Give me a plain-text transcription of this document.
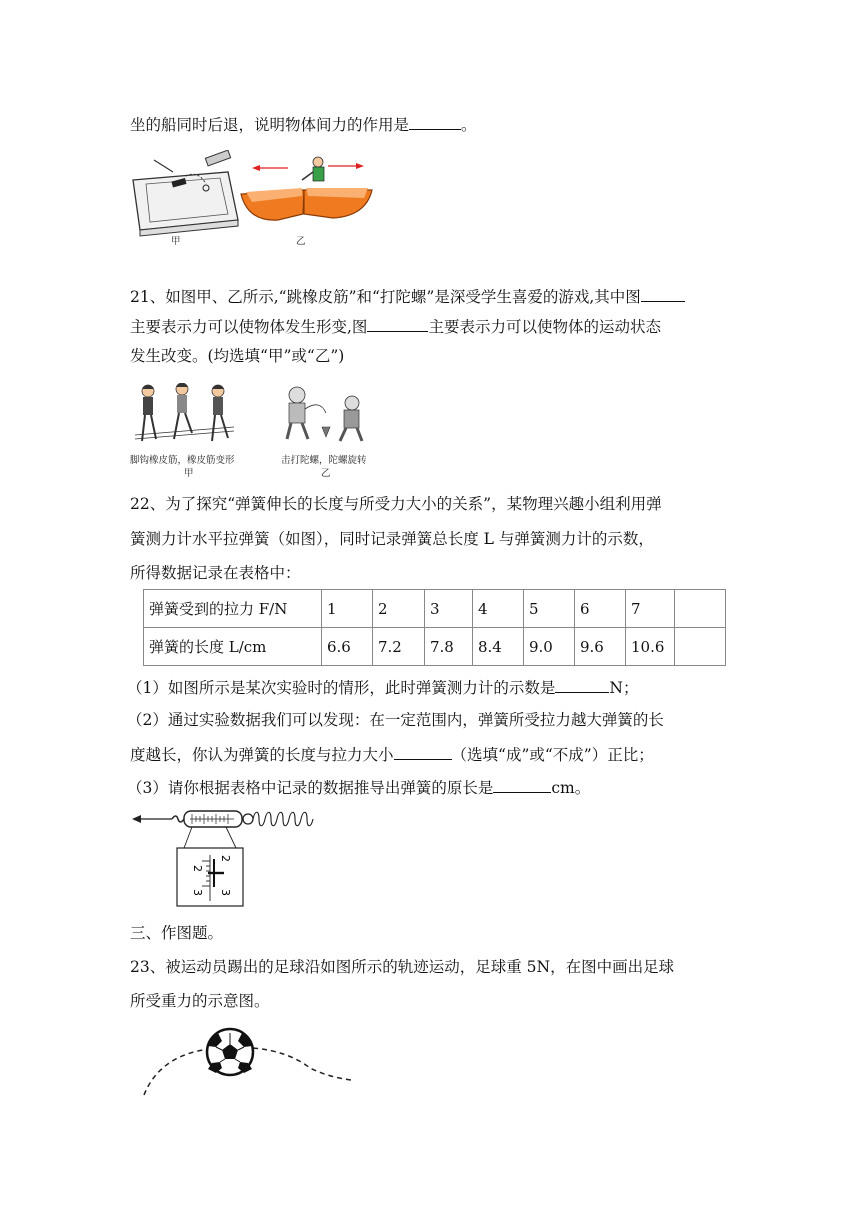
坐的船同时后退，说明物体间力的作用是	。
甲	乙
21、如图甲、乙所示,“跳橡皮筋”和“打陀螺”是深受学生喜爱的游戏,其中图
主要表示力可以使物体发生形变,图	主要表示力可以使物体的运动状态
发生改变。(均选填“甲”或“乙”)
脚钩橡皮筋，橡皮筋变形
甲
击打陀螺，陀螺旋转
乙
22、为了探究“弹簧伸长的长度与所受力大小的关系”，某物理兴趣小组利用弹
簧测力计水平拉弹簧（如图），同时记录弹簧总长度 L 与弹簧测力计的示数，
所得数据记录在表格中：
弹簧受到的拉力 F/N	1	2	3	4	5	6	7	
弹簧的长度 L/cm	6.6	7.2	7.8	8.4	9.0	9.6	10.6	
（1）如图所示是某次实验时的情形，此时弹簧测力计的示数是	N；
（2）通过实验数据我们可以发现：在一定范围内，弹簧所受拉力越大弹簧的长
度越长，你认为弹簧的长度与拉力大小	（选填“成”或“不成”）正比；
（3）请你根据表格中记录的数据推导出弹簧的原长是	cm。
2
3
2
3
三、作图题。
23、被运动员踢出的足球沿如图所示的轨迹运动，足球重 5N，在图中画出足球
所受重力的示意图。
